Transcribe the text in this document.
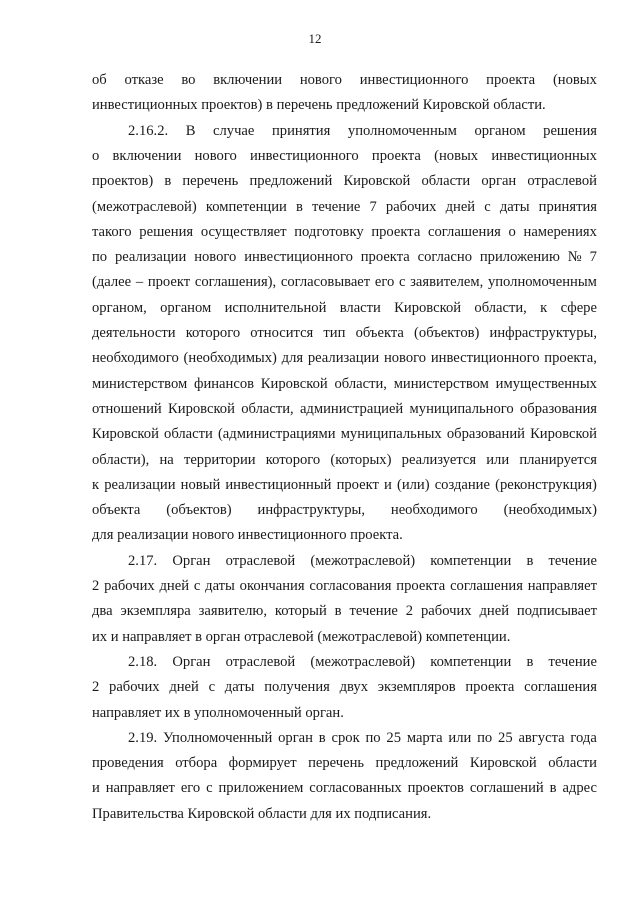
12
об отказе во включении нового инвестиционного проекта (новых
инвестиционных проектов) в перечень предложений Кировской области.
2.16.2. В случае принятия уполномоченным органом решения
о включении нового инвестиционного проекта (новых инвестиционных
проектов) в перечень предложений Кировской области орган отраслевой
(межотраслевой) компетенции в течение 7 рабочих дней с даты принятия
такого решения осуществляет подготовку проекта соглашения о намерениях
по реализации нового инвестиционного проекта согласно приложению № 7
(далее – проект соглашения), согласовывает его с заявителем, уполномоченным
органом, органом исполнительной власти Кировской области, к сфере
деятельности которого относится тип объекта (объектов) инфраструктуры,
необходимого (необходимых) для реализации нового инвестиционного проекта,
министерством финансов Кировской области, министерством имущественных
отношений Кировской области, администрацией муниципального образования
Кировской области (администрациями муниципальных образований Кировской
области), на территории которого (которых) реализуется или планируется
к реализации новый инвестиционный проект и (или) создание (реконструкция)
объекта (объектов) инфраструктуры, необходимого (необходимых)
для реализации нового инвестиционного проекта.
2.17. Орган отраслевой (межотраслевой) компетенции в течение
2 рабочих дней с даты окончания согласования проекта соглашения направляет
два экземпляра заявителю, который в течение 2 рабочих дней подписывает
их и направляет в орган отраслевой (межотраслевой) компетенции.
2.18. Орган отраслевой (межотраслевой) компетенции в течение
2 рабочих дней с даты получения двух экземпляров проекта соглашения
направляет их в уполномоченный орган.
2.19. Уполномоченный орган в срок по 25 марта или по 25 августа года
проведения отбора формирует перечень предложений Кировской области
и направляет его с приложением согласованных проектов соглашений в адрес
Правительства Кировской области для их подписания.
